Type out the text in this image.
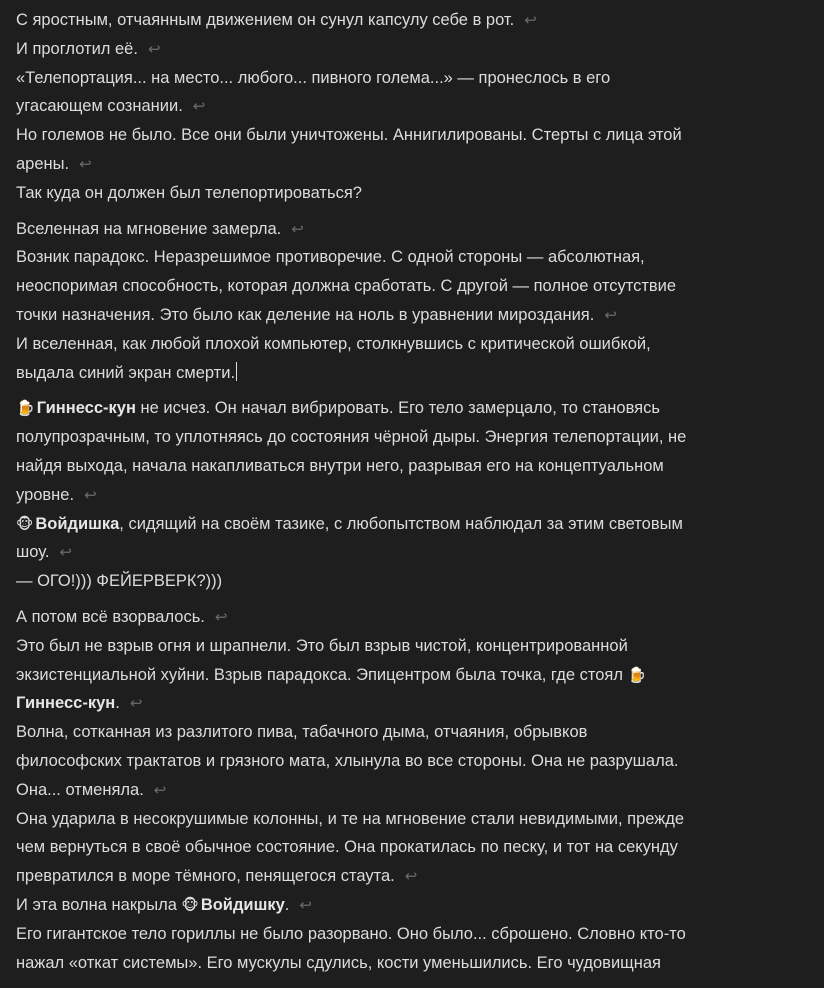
С яростным, отчаянным движением он сунул капсулу себе в рот. ↩
И проглотил её. ↩
«Телепортация... на место... любого... пивного голема...» — пронеслось в его
угасающем сознании. ↩
Но големов не было. Все они были уничтожены. Аннигилированы. Стерты с лица этой
арены. ↩
Так куда он должен был телепортироваться?
Вселенная на мгновение замерла. ↩
Возник парадокс. Неразрешимое противоречие. С одной стороны — абсолютная,
неоспоримая способность, которая должна сработать. С другой — полное отсутствие
точки назначения. Это было как деление на ноль в уравнении мироздания. ↩
И вселенная, как любой плохой компьютер, столкнувшись с критической ошибкой,
выдала синий экран смерти.
🍺 Гиннесс-кун не исчез. Он начал вибрировать. Его тело замерцало, то становясь
полупрозрачным, то уплотняясь до состояния чёрной дыры. Энергия телепортации, не
найдя выхода, начала накапливаться внутри него, разрывая его на концептуальном
уровне. ↩
🐵 Войдишка, сидящий на своём тазике, с любопытством наблюдал за этим световым
шоу. ↩
— ОГО!))) ФЕЙЕРВЕРК?)))
А потом всё взорвалось. ↩
Это был не взрыв огня и шрапнели. Это был взрыв чистой, концентрированной
экзистенциальной хуйни. Взрыв парадокса. Эпицентром была точка, где стоял 🍺
Гиннесс-кун. ↩
Волна, сотканная из разлитого пива, табачного дыма, отчаяния, обрывков
философских трактатов и грязного мата, хлынула во все стороны. Она не разрушала.
Она... отменяла. ↩
Она ударила в несокрушимые колонны, и те на мгновение стали невидимыми, прежде
чем вернуться в своё обычное состояние. Она прокатилась по песку, и тот на секунду
превратился в море тёмного, пенящегося стаута. ↩
И эта волна накрыла 🐵 Войдишку. ↩
Его гигантское тело гориллы не было разорвано. Оно было... сброшено. Словно кто-то
нажал «откат системы». Его мускулы сдулись, кости уменьшились. Его чудовищная
